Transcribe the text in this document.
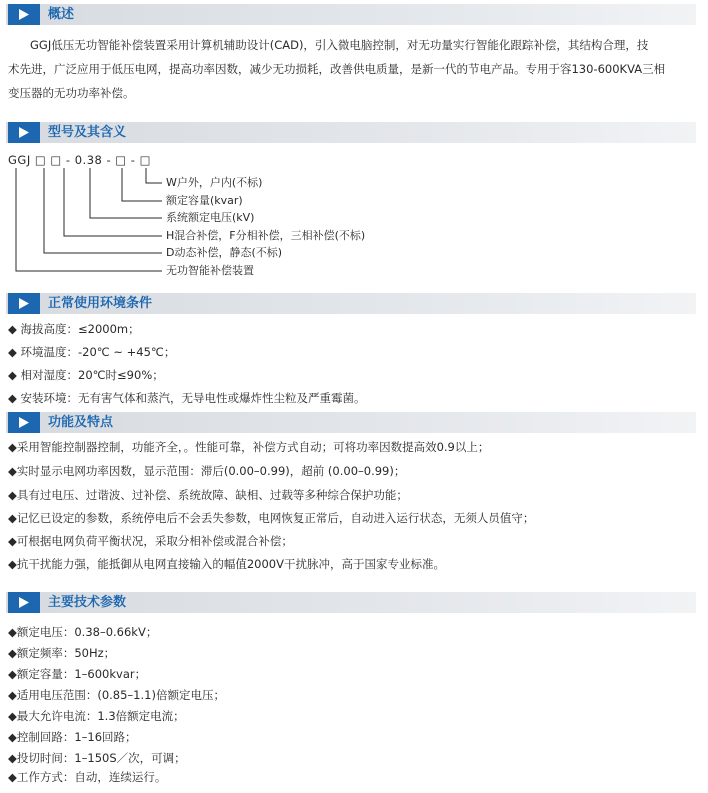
概述
GGJ低压无功智能补偿装置采用计算机辅助设计(CAD)，引入微电脑控制，对无功量实行智能化跟踪补偿，其结构合理，技
术先进，广泛应用于低压电网，提高功率因数，减少无功损耗，改善供电质量，是新一代的节电产品。专用于容130-600KVA三相
变压器的无功功率补偿。
型号及其含义
GGJ □ □ - 0.38 - □ - □
W户外，户内(不标)
额定容量(kvar)
系统额定电压(kV)
H混合补偿，F分相补偿，三相补偿(不标)
D动态补偿，静态(不标)
无功智能补偿装置
正常使用环境条件
◆ 海拔高度：≤2000m；
◆ 环境温度：-20℃ ~ +45℃；
◆ 相对湿度：20℃时≤90%；
◆ 安装环境：无有害气体和蒸汽，无导电性或爆炸性尘粒及严重霉菌。
功能及特点
◆采用智能控制器控制，功能齐全，。性能可靠，补偿方式自动；可将功率因数提高效0.9以上；
◆实时显示电网功率因数，显示范围：滞后(0.00–0.99)，超前 (0.00–0.99)；
◆具有过电压、过谐波、过补偿、系统故障、缺相、过载等多种综合保护功能；
◆记忆已设定的参数，系统停电后不会丢失参数，电网恢复正常后，自动进入运行状态，无须人员值守；
◆可根据电网负荷平衡状况，采取分相补偿或混合补偿；
◆抗干扰能力强，能抵御从电网直接输入的幅值2000V干扰脉冲，高于国家专业标准。
主要技术参数
◆额定电压：0.38–0.66kV；
◆额定频率：50Hz；
◆额定容量：1–600kvar；
◆适用电压范围：(0.85–1.1)倍额定电压；
◆最大允许电流：1.3倍额定电流；
◆控制回路：1–16回路；
◆投切时间：1–150S／次，可调；
◆工作方式：自动，连续运行。
